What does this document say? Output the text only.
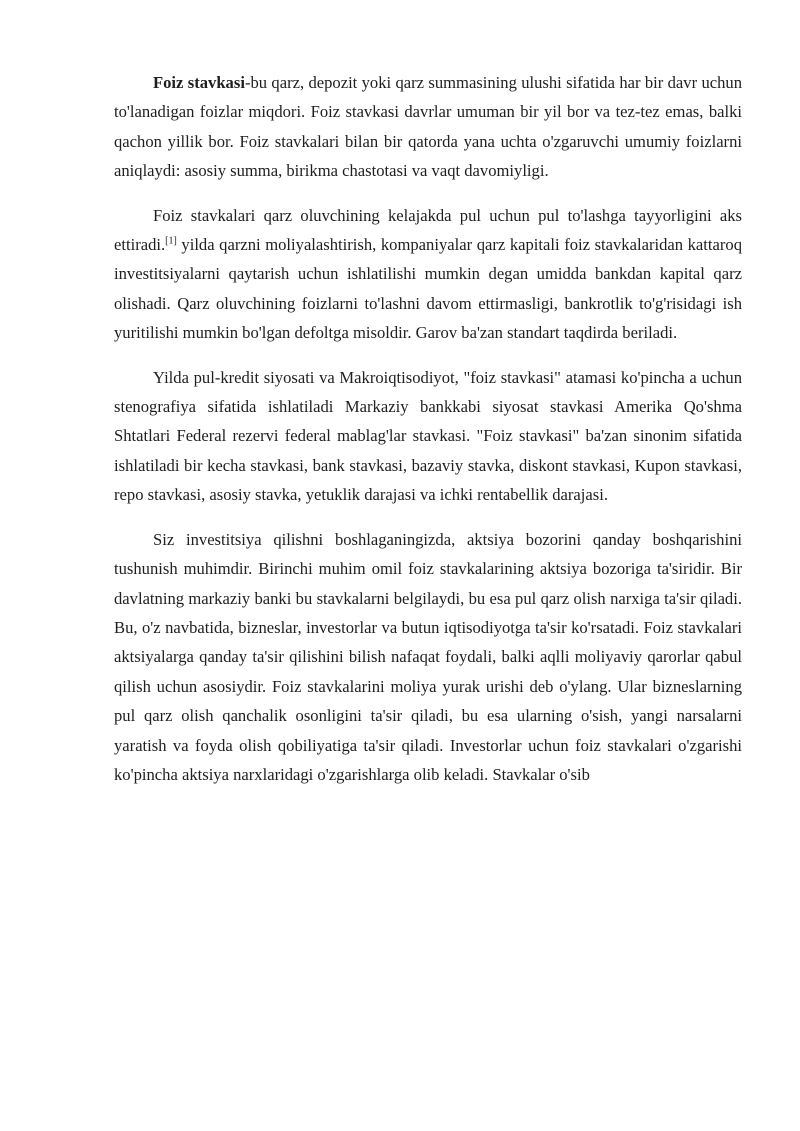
Foiz stavkasi-bu qarz, depozit yoki qarz summasining ulushi sifatida har bir davr uchun to'lanadigan foizlar miqdori. Foiz stavkasi davrlar umuman bir yil bor va tez-tez emas, balki qachon yillik bor. Foiz stavkalari bilan bir qatorda yana uchta o'zgaruvchi umumiy foizlarni aniqlaydi: asosiy summa, birikma chastotasi va vaqt davomiyligi.

Foiz stavkalari qarz oluvchining kelajakda pul uchun pul to'lashga tayyorligini aks ettiradi.[1] yilda qarzni moliyalashtirish, kompaniyalar qarz kapitali foiz stavkalaridan kattaroq investitsiyalarni qaytarish uchun ishlatilishi mumkin degan umidda bankdan kapital qarz olishadi. Qarz oluvchining foizlarni to'lashni davom ettirmasligi, bankrotlik to'g'risidagi ish yuritilishi mumkin bo'lgan defoltga misoldir. Garov ba'zan standart taqdirda beriladi.

Yilda pul-kredit siyosati va Makroiqtisodiyot, "foiz stavkasi" atamasi ko'pincha a uchun stenografiya sifatida ishlatiladi Markaziy bankkabi siyosat stavkasi Amerika Qo'shma Shtatlari Federal rezervi federal mablag'lar stavkasi. "Foiz stavkasi" ba'zan sinonim sifatida ishlatiladi bir kecha stavkasi, bank stavkasi, bazaviy stavka, diskont stavkasi, Kupon stavkasi, repo stavkasi, asosiy stavka, yetuklik darajasi va ichki rentabellik darajasi.

Siz investitsiya qilishni boshlaganingizda, aktsiya bozorini qanday boshqarishini tushunish muhimdir. Birinchi muhim omil foiz stavkalarining aktsiya bozoriga ta'siridir. Bir davlatning markaziy banki bu stavkalarni belgilaydi, bu esa pul qarz olish narxiga ta'sir qiladi. Bu, o'z navbatida, bizneslar, investorlar va butun iqtisodiyotga ta'sir ko'rsatadi. Foiz stavkalari aktsiyalarga qanday ta'sir qilishini bilish nafaqat foydali, balki aqlli moliyaviy qarorlar qabul qilish uchun asosiydir. Foiz stavkalarini moliya yurak urishi deb o'ylang. Ular bizneslarning pul qarz olish qanchalik osonligini ta'sir qiladi, bu esa ularning o'sish, yangi narsalarni yaratish va foyda olish qobiliyatiga ta'sir qiladi. Investorlar uchun foiz stavkalari o'zgarishi ko'pincha aktsiya narxlaridagi o'zgarishlarga olib keladi. Stavkalar o'sib
